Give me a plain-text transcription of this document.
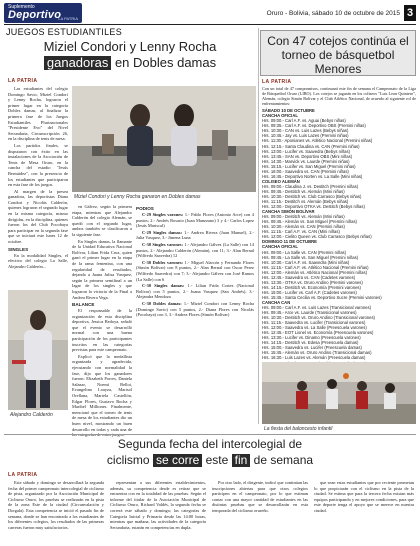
Suplemento
Deportivo
LA PATRIA
Oruro - Bolivia, sábado 10 de octubre de 2015 3
JUEGOS ESTUDIANTILES
Miziel Condori y Lenny Rocha
ganadoras en Dobles damas
LA PATRIA

Las estudiantes del colegio Domingo Savio, Miziel Condori y Lenny Rocha, lograron el primer lugar en la categoría Dobles damas, al finalizar la primera fase de los Juegos Estudiantiles Plurinacionales "Presidente Evo" del Nivel Secundaria, Circunscripción 26, en la disciplina de tenis de mesa.

Los partidos finales, se disputaron con éxito en las instalaciones de la Asociación de Tenis de Mesa Oruro, en la cancha del estadio "Jesús Bermúdez", con la presencia de los estudiantes que participaron en esta fase de los juegos.

Al margen de la presea ganadora, las deportistas Diana Condori y Nicolás Calderón, quienes lograron el segundo lugar en la misma categoría, mismo dirigidas, en la disciplina, quienes fueron los del Club Pocobaya para participar en la segunda fase que se iniciará este lunes 12 de octubre.

SINGLES

En la modalidad Singles, el efectivo del colegio La Salle, Alejandro Calderón...

Miziel Condori y Lenny Rocha ganaron en Dobles damas

en Gálvez, según la primera etapa, mientras que Alejandro Calderón del colegio Alemán, se quedó con el segundo lugar, ambos también se clasificaron a la siguiente fase.

En Singles damas, la flamante de la Unidad Educativa Nacional Bolívar, Lilian Frida Cruz, quien ganó el primer lugar en la etapa de la rama femenina, con una regularidad de resultados, dejando a Juana Julisa Vasquez, según la primera semifinal a un Iagar de los singles y que lograron la victoria de la Final a Andrea Rivera Vega.

BALANCE

El responsable de la organización de esta disciplina deportiva, Jessica Bedoya, señaló que el evento se desarrolló normal con una buena participación de los participantes inscritos en las categorías previstas para este campeonato.

Explicó que la medallista organizada y agradecida, ejecutando con normalidad la fase, dijo que los ganadores fueron: Elizabeth Porres, Daniela Salazar, Noemí Bellot, Evangelina Loayza, Marisol Orellana, Mariela Castellón, Edgar Flores, Gustavo Rocha y Maribel Milliones. Finalmente, mencionó que el torneo de tenis de mesa de los estudiantes dio un buen nivel, mostrando un buen desarrollo en todas y cada una de las categorías de estos juegos.

PODIOS

C-29 Singles varones: 1.- Pablo Flores (Antonio Arce) con 4 puntos; 2.- Andrés Rosario (Juan Manzzano) 3 y 4.- Carlos Lopez (Jesús Mariscal)

C-29 Singles damas: 1.- Andrea Rivera (Juan Manuel), 2.- Julia Vasquez, 3.- Jimena Luna

C-30 Singles varones: 1.- Alejandro Gálvez (La Salle) con 14 puntos, 2.- Alejandro Calderón (Alemán), con 11; 3.- Alan Bernal (Wilfredo Saavedra) 12

C-30 Dobles varones: 1.- Miguel Alarcón y Fernando Flores (Simón Bolívar) con 8 puntos, 2.- Alan Bernal con Oscar Perez (Wilfredo Saavedra) con 7; 3.- Alejandro Gálvez con José Ramos (La Salle) con 6

C-30 Singles damas: 1.- Lilian Frida Cortez (Nacional Bolívar) con 5 puntos, 2.- Juana Vasquez (San Andrés), 3.- Alejandra Mendoza

C-30 Dobles damas: 1.- Miziel Condori con Lenny Rocha (Domingo Savio) con 5 puntos, 2.- Diana Flores con Nicolás (Pocobaya) con 3, 3.- Andrea Flores (Simón Bolívar)

Alejandro Calderón
Con 47 cotejos continúa el torneo de básquetbol Menores
LA PATRIA
Con un total de 47 compromisos, continuará este fin de semana el Campeonato de la Liga de Básquetbol Oruro (LIBO). Los cotejos se jugarán en los coliseos "Luis Leon Quintero", Alemán, colegio Simón Bolívar y el Club Atlético Nacional, de acuerdo al siguiente rol de enfrentamientos:
SÁBADO 10 DE OCTUBRE
CANCHA OFICIAL
Hrs. 09:00.- Carl A.F. vs. Aguai (Bebys niñas)
Hrs. 09:35.- Carl A.F. vs. Deportivo OBS (Premini niñas)
Hrs. 10:30.- CAN vs. Luis Lazes (Bebys niñas)
Hrs. 10:45.- Jay vs. Luis Lazes (Premini niñas)
Hrs. 11:30.- Aponianes vs. Atlético Nacional (Premini niñas)
Hrs. 12:15.- Santa Claudina vs. CAN (Premini niñas)
Hrs. 13:00.- Lucifer vs. Saavedra (Bebys niñas)
Hrs. 13:45.- SAN vs. Deportivo OBS (Mini niñas)
Hrs. 14:30.- Marvick vs. Laurde (Premini niñas)
Hrs. 15:15.- Lucifer vs. San Miguel (Premini niñas)
Hrs. 16:00.- Saavedra vs. CAN (Premini niñas)
Hrs. 16:45.- Deportivo Norten vs. La Salle (Mini niñas)
COLISEO ALEMÁN
Hrs. 09:00.- Claudina J. vs. Destitch (Premini niñas)
Hrs. 09:45.- Destitch vs. Alemán (Mini niñas)
Hrs. 10:30.- Destitch vs. Club Carrasco (Bebys niñas)
Hrs. 11:15.- Destitch vs. Alemán (Bebys niñas)
Hrs. 12:00.- Deportivo OTKA vs. Destitch (Bebys niñas)
CANCHA SIMÓN BOLÍVAR
Hrs. 09:00.- Destitch vs. Alemán (Mini niñas)
Hrs. 09:45.- Alemán vs. San Miguel (Premini niñas)
Hrs. 10:30.- Alemán vs. CAN (Premini niñas)
Hrs. 11:15.- Carl A.F. vs. CAN (Mini niñas)
Hrs. 12:00.- Cielito Queen vs. Club Carrasco (Bebys niñas)
DOMINGO 11 DE OCTUBRE
CANCHA OFICIAL
Hrs. 09:00.- La Salle vs. CAN (Premini niñas)
Hrs. 09:45.- La Salle vs. San Miguel (Premini niñas)
Hrs. 10:30.- Carl A.F. vs. Saavedra (Mini niñas)
Hrs. 11:15.- Carl A.F. vs. Atlético Nacional (Premini niñas)
Hrs. 12:00.- Alemán vs. Atlético Nacional (Premini niñas)
Hrs. 12:45.- Saavedra vs. CAN (Cadetes varones)
Hrs. 13:30.- OTKA vs. Oruro Andino (Premini varones)
Hrs. 14:15.- Destitch vs. Economía (Premini varones)
Hrs. 15:00.- Lucifer vs. Carl A.F. (Cadetes varones)
Hrs. 15:45.- Santa Cecilia vs. Deportivo Sucre (Premini varones)
CANCHA CAN
Hrs. 09:00.- Carl A.F. vs. Luis Lazes (Transicional varones)
Hrs. 09:45.- Arce vs. Laurde (Transicional varones)
Hrs. 10:30.- Destitch vs. Oruro Andino (Transicional varones)
Hrs. 11:15.- Saavedra vs. Lucifer (Transicional varones)
Hrs. 12:00.- Saavedra vs. La Salle (Preescuela varones)
Hrs. 12:45.- EOT Lionel vs. Economía (Preescuela varones)
Hrs. 13:30.- Lucifer vs. Dinamo (Preescuela varones)
Hrs. 14:15.- Destitch vs. Edesa (Preescuela damas)
Hrs. 15:00.- Saavedra vs. Lucifer (Preescuela damas)
Hrs. 15:45.- Alemán vs. Oruro Andino (Transicional damas)
Hrs. 16:30.- Luis Lazes vs. Alemán (Preescuela damas)
La fiesta del baloncesto infantil
Segunda fecha del intercolegial de
ciclismo se corre este fin de semana
LA PATRIA

Este sábado y domingo se desarrollará la segunda fecha del primer campeonato intercolegial de ciclismo de pista, organizado por la Asociación Municipal de Ciclismo Oruro, los pruebas se realizarán en la pista de la zona Este de la ciudad (Circunvalación y Dorgala). Esta competencia se inició el pasado fin de semana, donde se han encontrado a los estudiantes de los diferentes colegios, los resultados de las primeras carreras fueron muy satisfactorios.

representan a sus diferentes establecimientos, además, su competencia desde es retirar que se encuentra con en la totalidad de las pruebas. Según el informe del titular de la Asociación Municipal de Ciclismo Oruro, Richard Valdés, la segunda fecha se correrá este sábado y domingo; las categorías de Categoría Inicial y Primaria desde las 14:00 horas, mientras que mañana, las actividades de la categoría Secundaria, estarán en competencias en dupla.

Por otro lado, el dirigente, indicó que continúan las inscripciones abiertas para que otros colegios participen en el campeonato, por lo que estiman contar con una mayor cantidad de estudiantes en las distintas pruebas que se desarrollarán en esta temporada del ciclismo orureño.

que sean estas estudiantes que por reciente prometan lo que propiciarán con el ciclismo en la pista de la ciudad. Se estima que para la tercera fecha existan más equipos participando y en mejores condiciones, para que este deporte tenga el apoyo que se merece en nuestra ciudad.
